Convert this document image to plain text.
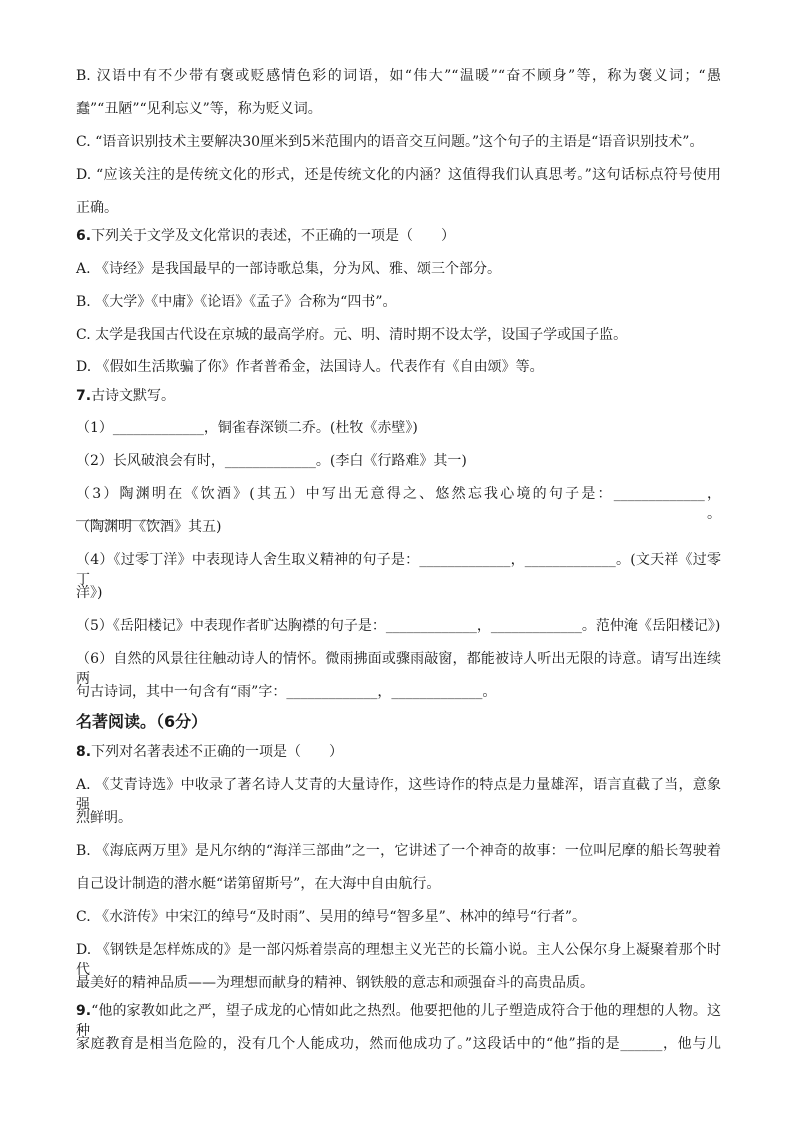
B. 汉语中有不少带有褒或贬感情色彩的词语，如“伟大”“温暖”“奋不顾身”等，称为褒义词；“愚
蠢”“丑陋”“见利忘义”等，称为贬义词。
C. “语音识别技术主要解决30厘米到5米范围内的语音交互问题。”这个句子的主语是“语音识别技术”。
D. “应该关注的是传统文化的形式，还是传统文化的内涵？这值得我们认真思考。”这句话标点符号使用
正确。
6.下列关于文学及文化常识的表述，不正确的一项是（　　）
A. 《诗经》是我国最早的一部诗歌总集，分为风、雅、颂三个部分。
B. 《大学》《中庸》《论语》《孟子》合称为“四书”。
C. 太学是我国古代设在京城的最高学府。元、明、清时期不设太学，设国子学或国子监。
D. 《假如生活欺骗了你》作者普希金，法国诗人。代表作有《自由颂》等。
7.古诗文默写。
（1）_____________，铜雀春深锁二乔。(杜牧《赤壁》)
（2）长风破浪会有时，_____________。(李白《行路难》其一)
（3）陶渊明在《饮酒》(其五）中写出无意得之、悠然忘我心境的句子是：_____________，_____________。
（陶渊明《饮酒》其五)
（4）《过零丁洋》中表现诗人舍生取义精神的句子是：_____________，_____________。(文天祥《过零丁
洋》)
（5）《岳阳楼记》中表现作者旷达胸襟的句子是：_____________，_____________。范仲淹《岳阳楼记》)
（6）自然的风景往往触动诗人的情怀。微雨拂面或骤雨敲窗，都能被诗人听出无限的诗意。请写出连续两
句古诗词，其中一句含有“雨”字：_____________，_____________。
名著阅读。（6分）
8.下列对名著表述不正确的一项是（　　）
A. 《艾青诗选》中收录了著名诗人艾青的大量诗作，这些诗作的特点是力量雄浑，语言直截了当，意象强
烈鲜明。
B. 《海底两万里》是凡尔纳的“海洋三部曲”之一，它讲述了一个神奇的故事：一位叫尼摩的船长驾驶着
自己设计制造的潜水艇“诺第留斯号”，在大海中自由航行。
C. 《水浒传》中宋江的绰号“及时雨”、吴用的绰号“智多星”、林冲的绰号“行者”。
D. 《钢铁是怎样炼成的》是一部闪烁着崇高的理想主义光芒的长篇小说。主人公保尔身上凝聚着那个时代
最美好的精神品质——为理想而献身的精神、钢铁般的意志和顽强奋斗的高贵品质。
9.“他的家教如此之严，望子成龙的心情如此之热烈。他要把他的儿子塑造成符合于他的理想的人物。这种
家庭教育是相当危险的，没有几个人能成功，然而他成功了。”这段话中的“他”指的是______，他与儿
